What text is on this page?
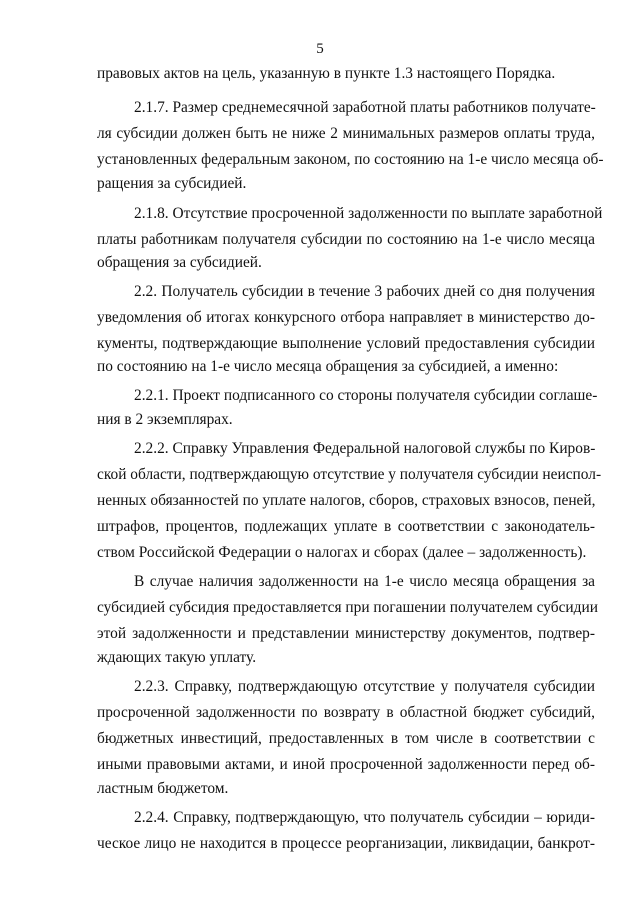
5
правовых актов на цель, указанную в пункте 1.3 настоящего Порядка.
2.1.7. Размер среднемесячной заработной платы работников получате-
ля субсидии должен быть не ниже 2 минимальных размеров оплаты труда,
установленных федеральным законом, по состоянию на 1-е число месяца об-
ращения за субсидией.
2.1.8. Отсутствие просроченной задолженности по выплате заработной
платы работникам получателя субсидии по состоянию на 1-е число месяца
обращения за субсидией.
2.2. Получатель субсидии в течение 3 рабочих дней со дня получения
уведомления об итогах конкурсного отбора направляет в министерство до-
кументы, подтверждающие выполнение условий предоставления субсидии
по состоянию на 1-е число месяца обращения за субсидией, а именно:
2.2.1. Проект подписанного со стороны получателя субсидии соглаше-
ния в 2 экземплярах.
2.2.2. Справку Управления Федеральной налоговой службы по Киров-
ской области, подтверждающую отсутствие у получателя субсидии неиспол-
ненных обязанностей по уплате налогов, сборов, страховых взносов, пеней,
штрафов, процентов, подлежащих уплате в соответствии с законодатель-
ством Российской Федерации о налогах и сборах (далее – задолженность).
В случае наличия задолженности на 1-е число месяца обращения за
субсидией субсидия предоставляется при погашении получателем субсидии
этой задолженности и представлении министерству документов, подтвер-
ждающих такую уплату.
2.2.3. Справку, подтверждающую отсутствие у получателя субсидии
просроченной задолженности по возврату в областной бюджет субсидий,
бюджетных инвестиций, предоставленных в том числе в соответствии с
иными правовыми актами, и иной просроченной задолженности перед об-
ластным бюджетом.
2.2.4. Справку, подтверждающую, что получатель субсидии – юриди-
ческое лицо не находится в процессе реорганизации, ликвидации, банкрот-
